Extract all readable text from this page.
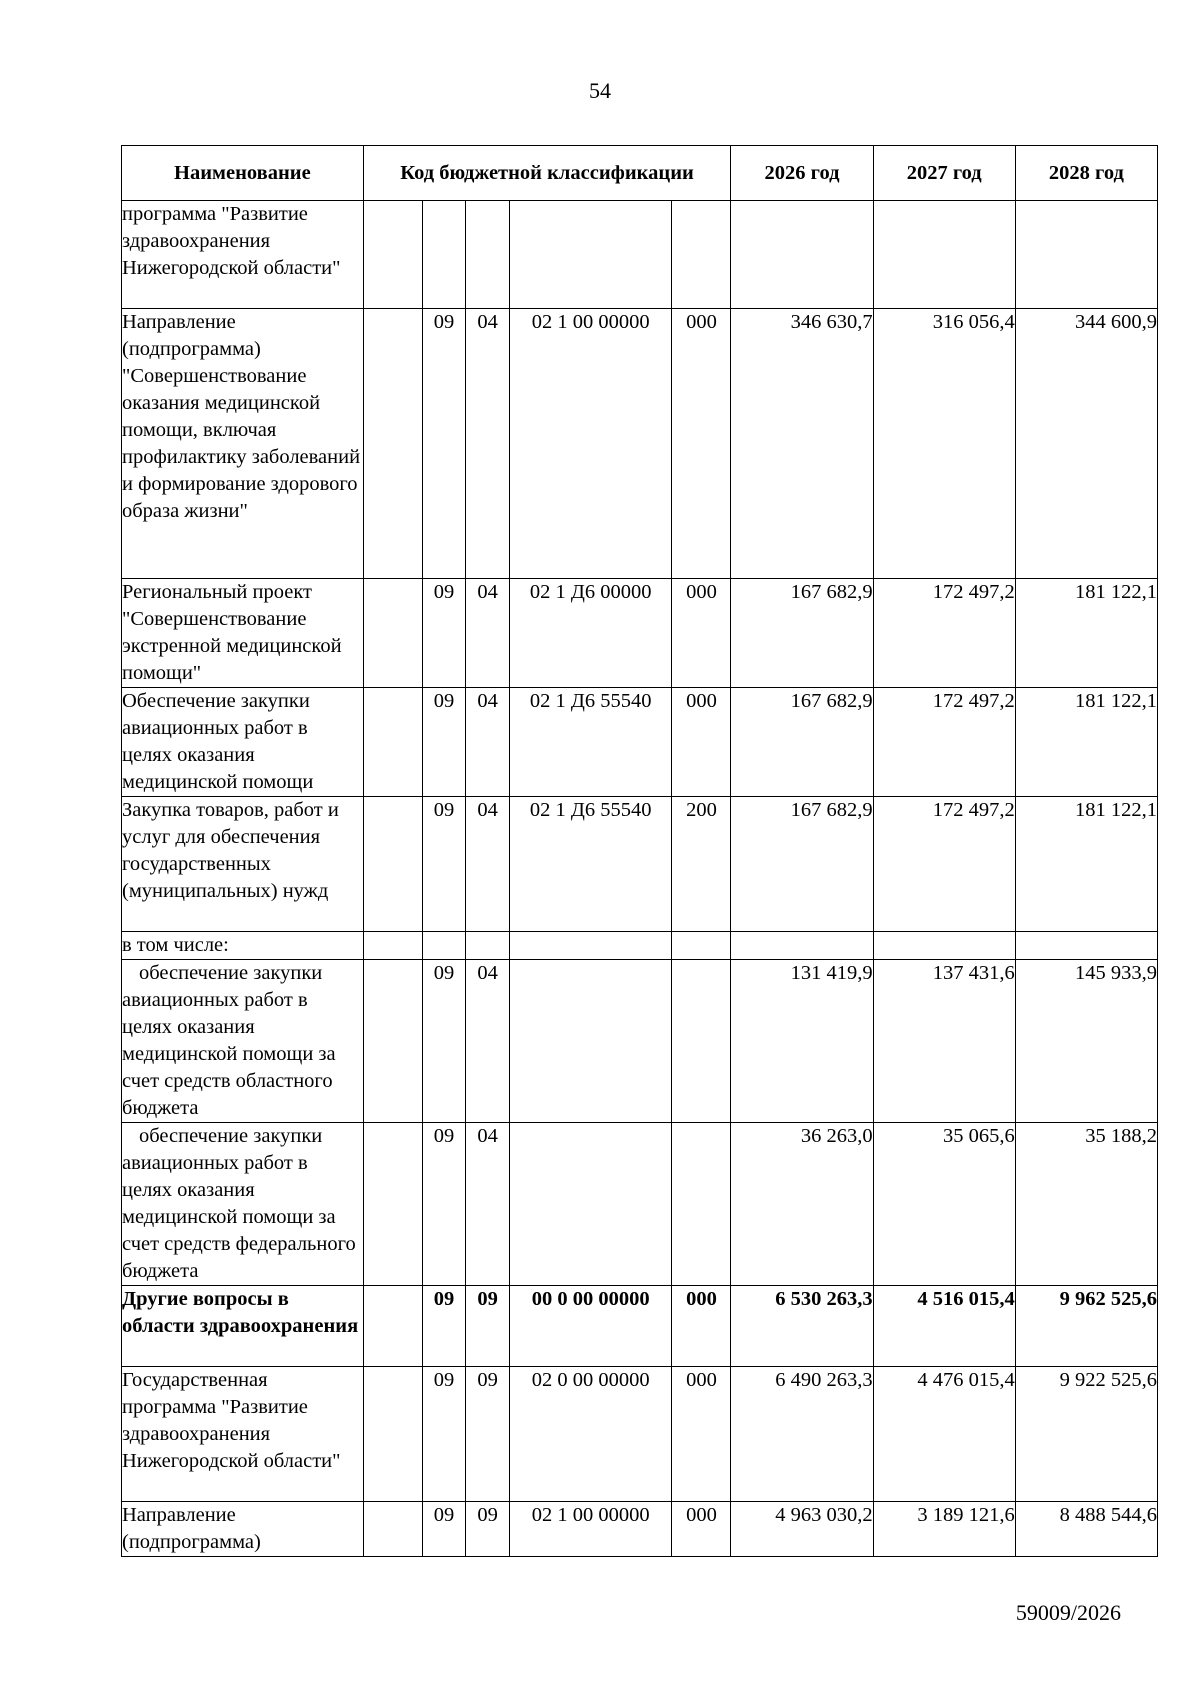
54
Наименование	Код бюджетной классификации					2026 год	2027 год	2028 год
программа "Развитие здравоохранения Нижегородской области"								
Направление (подпрограмма) "Совершенствование оказания медицинской помощи, включая профилактику заболеваний и формирование здорового образа жизни"		09	04	02 1 00 00000	000	346 630,7	316 056,4	344 600,9
Региональный проект "Совершенствование экстренной медицинской помощи"		09	04	02 1 Д6 00000	000	167 682,9	172 497,2	181 122,1
Обеспечение закупки авиационных работ в целях оказания медицинской помощи		09	04	02 1 Д6 55540	000	167 682,9	172 497,2	181 122,1
Закупка товаров, работ и услуг для обеспечения государственных (муниципальных) нужд		09	04	02 1 Д6 55540	200	167 682,9	172 497,2	181 122,1
в том числе:								
обеспечение закупки авиационных работ в целях оказания медицинской помощи за счет средств областного бюджета		09	04			131 419,9	137 431,6	145 933,9
обеспечение закупки авиационных работ в целях оказания медицинской помощи за счет средств федерального бюджета		09	04			36 263,0	35 065,6	35 188,2
Другие вопросы в области здравоохранения		09	09	00 0 00 00000	000	6 530 263,3	4 516 015,4	9 962 525,6
Государственная программа "Развитие здравоохранения Нижегородской области"		09	09	02 0 00 00000	000	6 490 263,3	4 476 015,4	9 922 525,6
Направление (подпрограмма)		09	09	02 1 00 00000	000	4 963 030,2	3 189 121,6	8 488 544,6
59009/2026
